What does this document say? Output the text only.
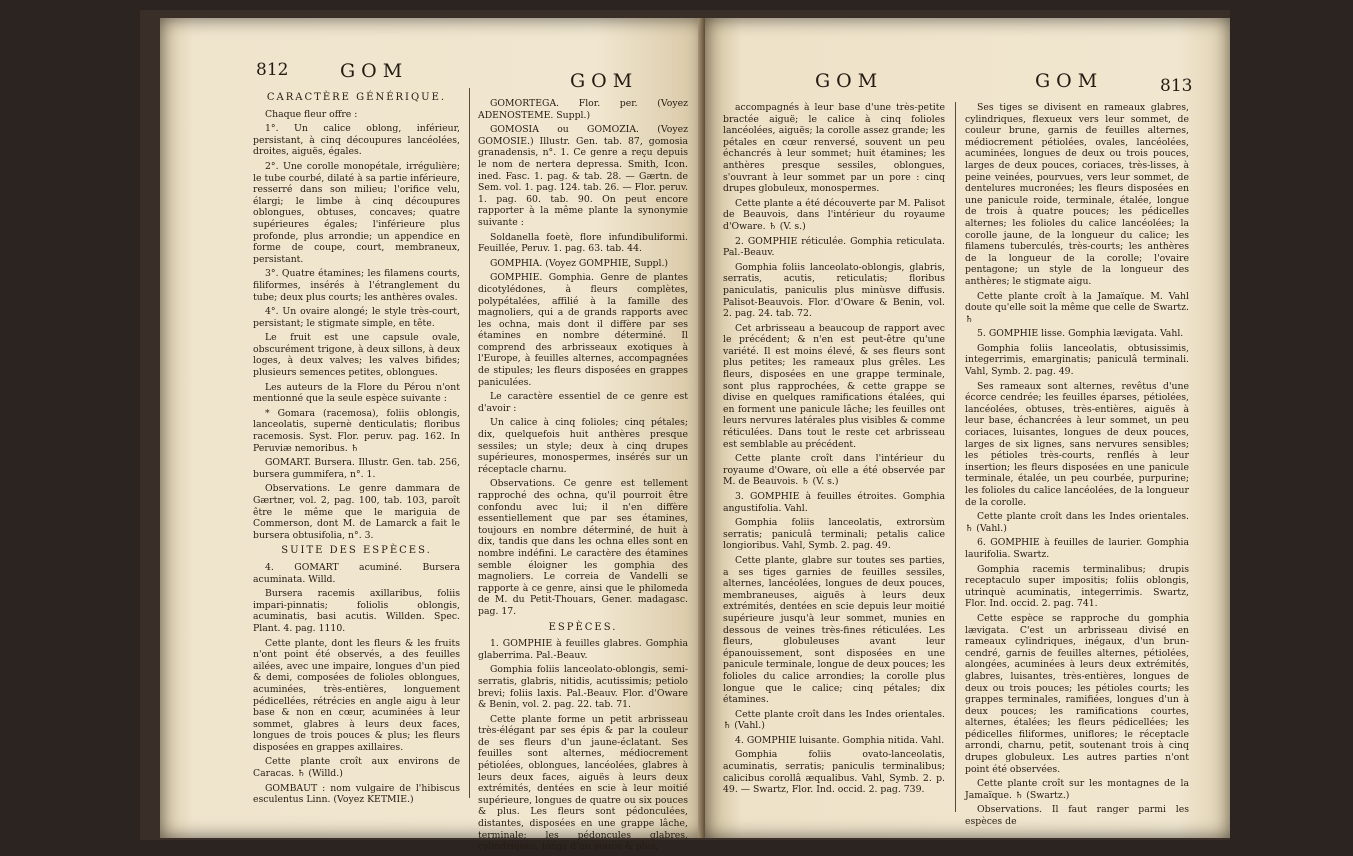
812	GOM	GOM

CARACTÈRE GÉNÉRIQUE.

Chaque fleur offre :

1°. Un calice oblong, inférieur, persistant, à cinq découpures lancéolées, droites, aiguës, égales.

2°. Une corolle monopétale, irrégulière; le tube courbé, dilaté à sa partie inférieure, resserré dans son milieu; l'orifice velu, élargi; le limbe à cinq découpures oblongues, obtuses, concaves; quatre supérieures égales; l'inférieure plus profonde, plus arrondie; un appendice en forme de coupe, court, membraneux, persistant.

3°. Quatre étamines; les filamens courts, filiformes, insérés à l'étranglement du tube; deux plus courts; les anthères ovales.

4°. Un ovaire alongé; le style très-court, persistant; le stigmate simple, en tête.

Le fruit est une capsule ovale, obscurément trigone, à deux sillons, à deux loges, à deux valves; les valves bifides; plusieurs semences petites, oblongues.

Les auteurs de la Flore du Pérou n'ont mentionné que la seule espèce suivante :

* Gomara (racemosa), foliis oblongis, lanceolatis, supernè denticulatis; floribus racemosis. Syst. Flor. peruv. pag. 162. In Peruviæ nemoribus. ♄

GOMART. Bursera. Illustr. Gen. tab. 256, bursera gummifera, n°. 1.

Observations. Le genre dammara de Gærtner, vol. 2, pag. 100, tab. 103, paroît être le même que le mariguia de Commerson, dont M. de Lamarck a fait le bursera obtusifolia, n°. 3.

SUITE DES ESPÈCES.

4. GOMART acuminé. Bursera acuminata. Willd.

Bursera racemis axillaribus, foliis impari-pinnatis; foliolis oblongis, acuminatis, basi acutis. Willden. Spec. Plant. 4. pag. 1110.

Cette plante, dont les fleurs & les fruits n'ont point été observés, a des feuilles ailées, avec une impaire, longues d'un pied & demi, composées de folioles oblongues, acuminées, très-entières, longuement pédicellées, rétrécies en angle aigu à leur base & non en cœur, acuminées à leur sommet, glabres à leurs deux faces, longues de trois pouces & plus; les fleurs disposées en grappes axillaires.

Cette plante croît aux environs de Caracas. ♄ (Willd.)

GOMBAUT : nom vulgaire de l'hibiscus esculentus Linn. (Voyez KETMIE.)

GOMORTEGA. Flor. per. (Voyez ADENOSTEME. Suppl.)

GOMOSIA ou GOMOZIA. (Voyez GOMOSIE.) Illustr. Gen. tab. 87, gomosia granadensis, n°. 1. Ce genre a reçu depuis le nom de nertera depressa. Smith, Icon. ined. Fasc. 1. pag. & tab. 28. — Gærtn. de Sem. vol. 1. pag. 124. tab. 26. — Flor. peruv. 1. pag. 60. tab. 90. On peut encore rapporter à la même plante la synonymie suivante :

Soldanella foetè, flore infundibuliformi. Feuillée, Peruv. 1. pag. 63. tab. 44.

GOMPHIA. (Voyez GOMPHIE, Suppl.)

GOMPHIE. Gomphia. Genre de plantes dicotylédones, à fleurs complètes, polypétalées, affilié à la famille des magnoliers, qui a de grands rapports avec les ochna, mais dont il diffère par ses étamines en nombre déterminé. Il comprend des arbrisseaux exotiques à l'Europe, à feuilles alternes, accompagnées de stipules; les fleurs disposées en grappes paniculées.

Le caractère essentiel de ce genre est d'avoir :

Un calice à cinq folioles; cinq pétales; dix, quelquefois huit anthères presque sessiles; un style; deux à cinq drupes supérieures, monospermes, insérés sur un réceptacle charnu.

Observations. Ce genre est tellement rapproché des ochna, qu'il pourroit être confondu avec lui; il n'en diffère essentiellement que par ses étamines, toujours en nombre déterminé, de huit à dix, tandis que dans les ochna elles sont en nombre indéfini. Le caractère des étamines semble éloigner les gomphia des magnoliers. Le correia de Vandelli se rapporte à ce genre, ainsi que le philomeda de M. du Petit-Thouars, Gener. madagasc. pag. 17.

ESPÈCES.

1. GOMPHIE à feuilles glabres. Gomphia glaberrima. Pal.-Beauv.

Gomphia foliis lanceolato-oblongis, semi-serratis, glabris, nitidis, acutissimis; petiolo brevi; foliis laxis. Pal.-Beauv. Flor. d'Oware & Benin, vol. 2. pag. 22. tab. 71.

Cette plante forme un petit arbrisseau très-élégant par ses épis & par la couleur de ses fleurs d'un jaune-éclatant. Ses feuilles sont alternes, médiocrement pétiolées, oblongues, lancéolées, glabres à leurs deux faces, aiguës à leurs deux extrémités, dentées en scie à leur moitié supérieure, longues de quatre ou six pouces & plus. Les fleurs sont pédonculées, distantes, disposées en une grappe lâche, terminale; les pédoncules glabres, cylindriques, longs d'un pouce & plus,

GOM	GOM	813

accompagnés à leur base d'une très-petite bractée aiguë; le calice à cinq folioles lancéolées, aiguës; la corolle assez grande; les pétales en cœur renversé, souvent un peu échancrés à leur sommet; huit étamines; les anthères presque sessiles, oblongues, s'ouvrant à leur sommet par un pore : cinq drupes globuleux, monospermes.

Cette plante a été découverte par M. Palisot de Beauvois, dans l'intérieur du royaume d'Oware. ♄ (V. s.)

2. GOMPHIE réticulée. Gomphia reticulata. Pal.-Beauv.

Gomphia foliis lanceolato-oblongis, glabris, serratis, acutis, reticulatis; floribus paniculatis, paniculis plus minùsve diffusis. Palisot-Beauvois. Flor. d'Oware & Benin, vol. 2. pag. 24. tab. 72.

Cet arbrisseau a beaucoup de rapport avec le précédent; & n'en est peut-être qu'une variété. Il est moins élevé, & ses fleurs sont plus petites; les rameaux plus grêles. Les fleurs, disposées en une grappe terminale, sont plus rapprochées, & cette grappe se divise en quelques ramifications étalées, qui en forment une panicule lâche; les feuilles ont leurs nervures latérales plus visibles & comme réticulées. Dans tout le reste cet arbrisseau est semblable au précédent.

Cette plante croît dans l'intérieur du royaume d'Oware, où elle a été observée par M. de Beauvois. ♄ (V. s.)

3. GOMPHIE à feuilles étroites. Gomphia angustifolia. Vahl.

Gomphia foliis lanceolatis, extrorsùm serratis; paniculâ terminali; petalis calice longioribus. Vahl, Symb. 2. pag. 49.

Cette plante, glabre sur toutes ses parties, a ses tiges garnies de feuilles sessiles, alternes, lancéolées, longues de deux pouces, membraneuses, aiguës à leurs deux extrémités, dentées en scie depuis leur moitié supérieure jusqu'à leur sommet, munies en dessous de veines très-fines réticulées. Les fleurs, globuleuses avant leur épanouissement, sont disposées en une panicule terminale, longue de deux pouces; les folioles du calice arrondies; la corolle plus longue que le calice; cinq pétales; dix étamines.

Cette plante croît dans les Indes orientales. ♄ (Vahl.)

4. GOMPHIE luisante. Gomphia nitida. Vahl.

Gomphia foliis ovato-lanceolatis, acuminatis, serratis; paniculis terminalibus; calicibus corollâ æqualibus. Vahl, Symb. 2. p. 49. — Swartz, Flor. Ind. occid. 2. pag. 739.

Ses tiges se divisent en rameaux glabres, cylindriques, flexueux vers leur sommet, de couleur brune, garnis de feuilles alternes, médiocrement pétiolées, ovales, lancéolées, acuminées, longues de deux ou trois pouces, larges de deux pouces, coriaces, très-lisses, à peine veinées, pourvues, vers leur sommet, de dentelures mucronées; les fleurs disposées en une panicule roide, terminale, étalée, longue de trois à quatre pouces; les pédicelles alternes; les folioles du calice lancéolées; la corolle jaune, de la longueur du calice; les filamens tuberculés, très-courts; les anthères de la longueur de la corolle; l'ovaire pentagone; un style de la longueur des anthères; le stigmate aigu.

Cette plante croît à la Jamaïque. M. Vahl doute qu'elle soit la même que celle de Swartz. ♄

5. GOMPHIE lisse. Gomphia lævigata. Vahl.

Gomphia foliis lanceolatis, obtusissimis, integerrimis, emarginatis; paniculâ terminali. Vahl, Symb. 2. pag. 49.

Ses rameaux sont alternes, revêtus d'une écorce cendrée; les feuilles éparses, pétiolées, lancéolées, obtuses, très-entières, aiguës à leur base, échancrées à leur sommet, un peu coriaces, luisantes, longues de deux pouces, larges de six lignes, sans nervures sensibles; les pétioles très-courts, renflés à leur insertion; les fleurs disposées en une panicule terminale, étalée, un peu courbée, purpurine; les folioles du calice lancéolées, de la longueur de la corolle.

Cette plante croît dans les Indes orientales. ♄ (Vahl.)

6. GOMPHIE à feuilles de laurier. Gomphia laurifolia. Swartz.

Gomphia racemis terminalibus; drupis receptaculo super impositis; foliis oblongis, utrinquè acuminatis, integerrimis. Swartz, Flor. Ind. occid. 2. pag. 741.

Cette espèce se rapproche du gomphia lævigata. C'est un arbrisseau divisé en rameaux cylindriques, inégaux, d'un brun-cendré, garnis de feuilles alternes, pétiolées, alongées, acuminées à leurs deux extrémités, glabres, luisantes, très-entières, longues de deux ou trois pouces; les pétioles courts; les grappes terminales, ramifiées, longues d'un à deux pouces; les ramifications courtes, alternes, étalées; les fleurs pédicellées; les pédicelles filiformes, uniflores; le réceptacle arrondi, charnu, petit, soutenant trois à cinq drupes globuleux. Les autres parties n'ont point été observées.

Cette plante croît sur les montagnes de la Jamaïque. ♄ (Swartz.)

Observations. Il faut ranger parmi les espèces de
